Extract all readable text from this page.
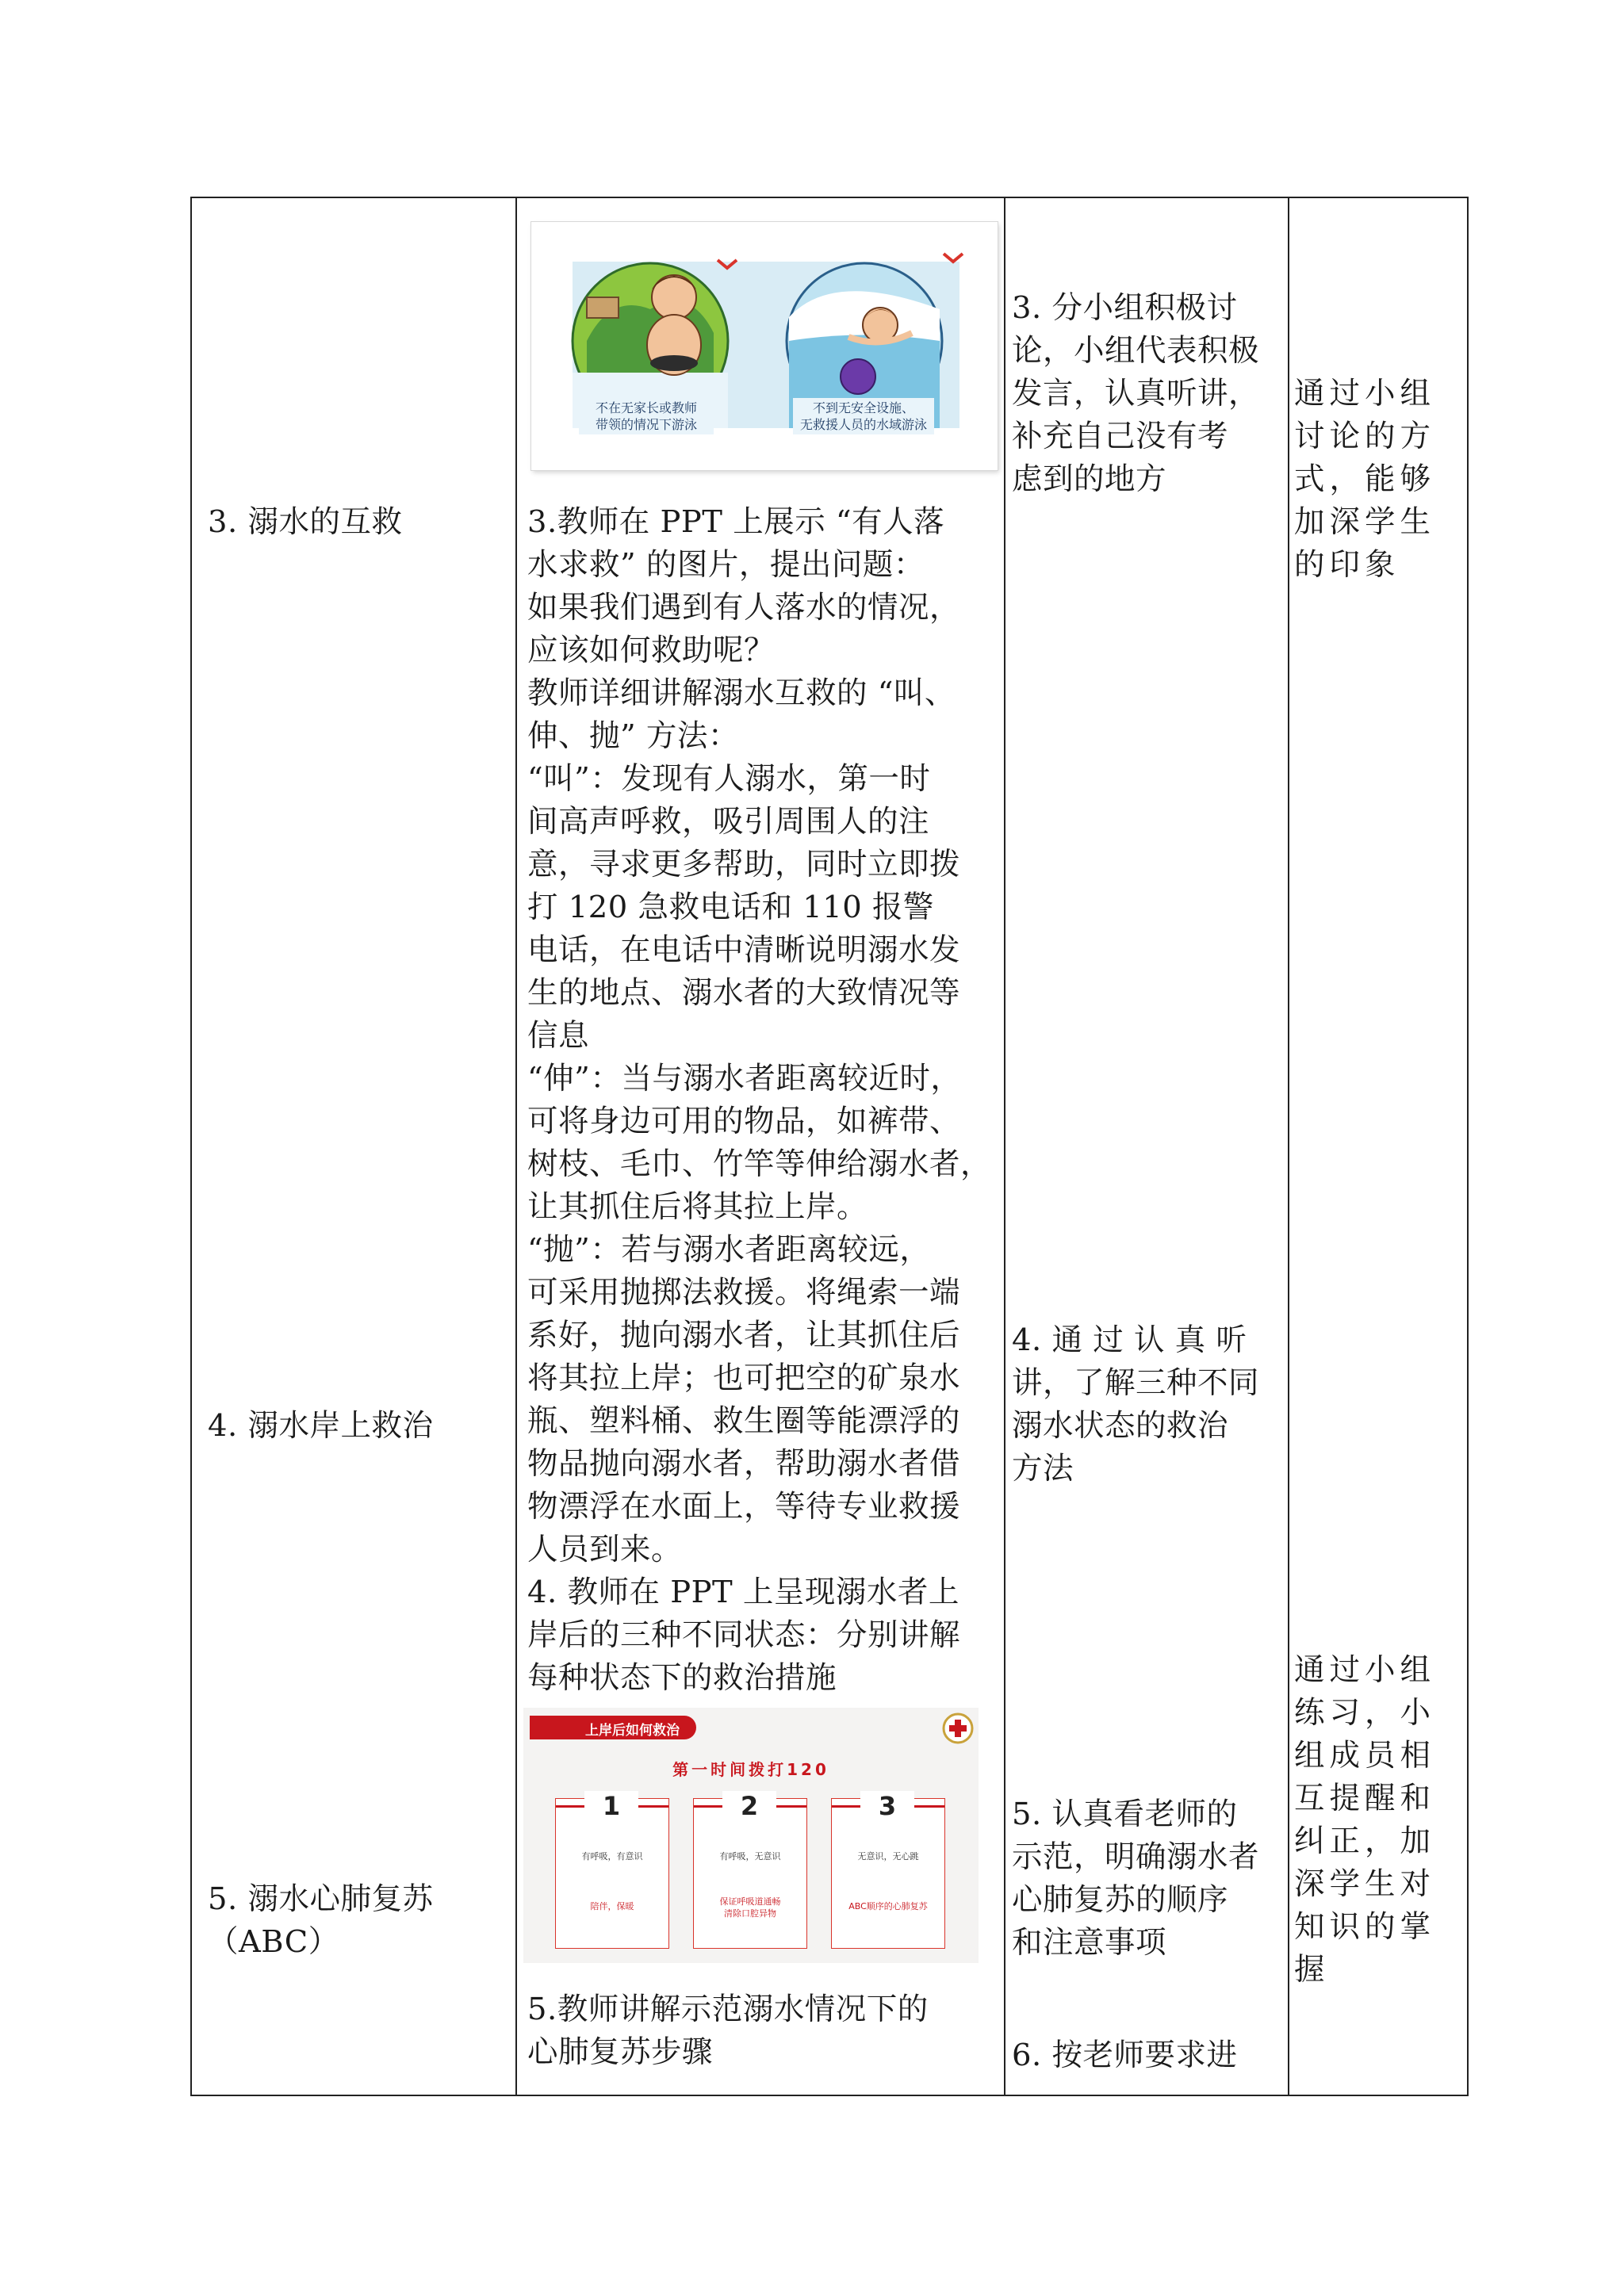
3. 溺水的互救
4. 溺水岸上救治
5. 溺水心肺复苏
（ABC）
不在无家长或教师
带领的情况下游泳
不到无安全设施、
无救援人员的水域游泳
3.教师在 PPT 上展示 “有人落
水求救” 的图片，提出问题：
如果我们遇到有人落水的情况，
应该如何救助呢？
教师详细讲解溺水互救的 “叫、
伸、抛” 方法：
“叫”：发现有人溺水，第一时
间高声呼救，吸引周围人的注
意，寻求更多帮助，同时立即拨
打 120 急救电话和 110 报警
电话，在电话中清晰说明溺水发
生的地点、溺水者的大致情况等
信息
“伸”：当与溺水者距离较近时，
可将身边可用的物品，如裤带、
树枝、毛巾、竹竿等伸给溺水者，
让其抓住后将其拉上岸。
“抛”：若与溺水者距离较远，
可采用抛掷法救援。将绳索一端
系好，抛向溺水者，让其抓住后
将其拉上岸；也可把空的矿泉水
瓶、塑料桶、救生圈等能漂浮的
物品抛向溺水者，帮助溺水者借
物漂浮在水面上，等待专业救援
人员到来。
4. 教师在 PPT 上呈现溺水者上
岸后的三种不同状态：分别讲解
每种状态下的救治措施
上岸后如何救治
第一时间拨打120
1
有呼吸，有意识
陪伴，保暖
2
有呼吸，无意识
保证呼吸道通畅
清除口腔异物
3
无意识，无心跳
ABC顺序的心肺复苏
5.教师讲解示范溺水情况下的
心肺复苏步骤
3. 分小组积极讨
论，小组代表积极
发言，认真听讲，
补充自己没有考
虑到的地方
4. 通 过 认 真 听
讲，了解三种不同
溺水状态的救治
方法
5. 认真看老师的
示范，明确溺水者
心肺复苏的顺序
和注意事项
6. 按老师要求进
通过小组
讨论的方
式，能够
加深学生
的印象
通过小组
练习，小
组成员相
互提醒和
纠正，加
深学生对
知识的掌
握
